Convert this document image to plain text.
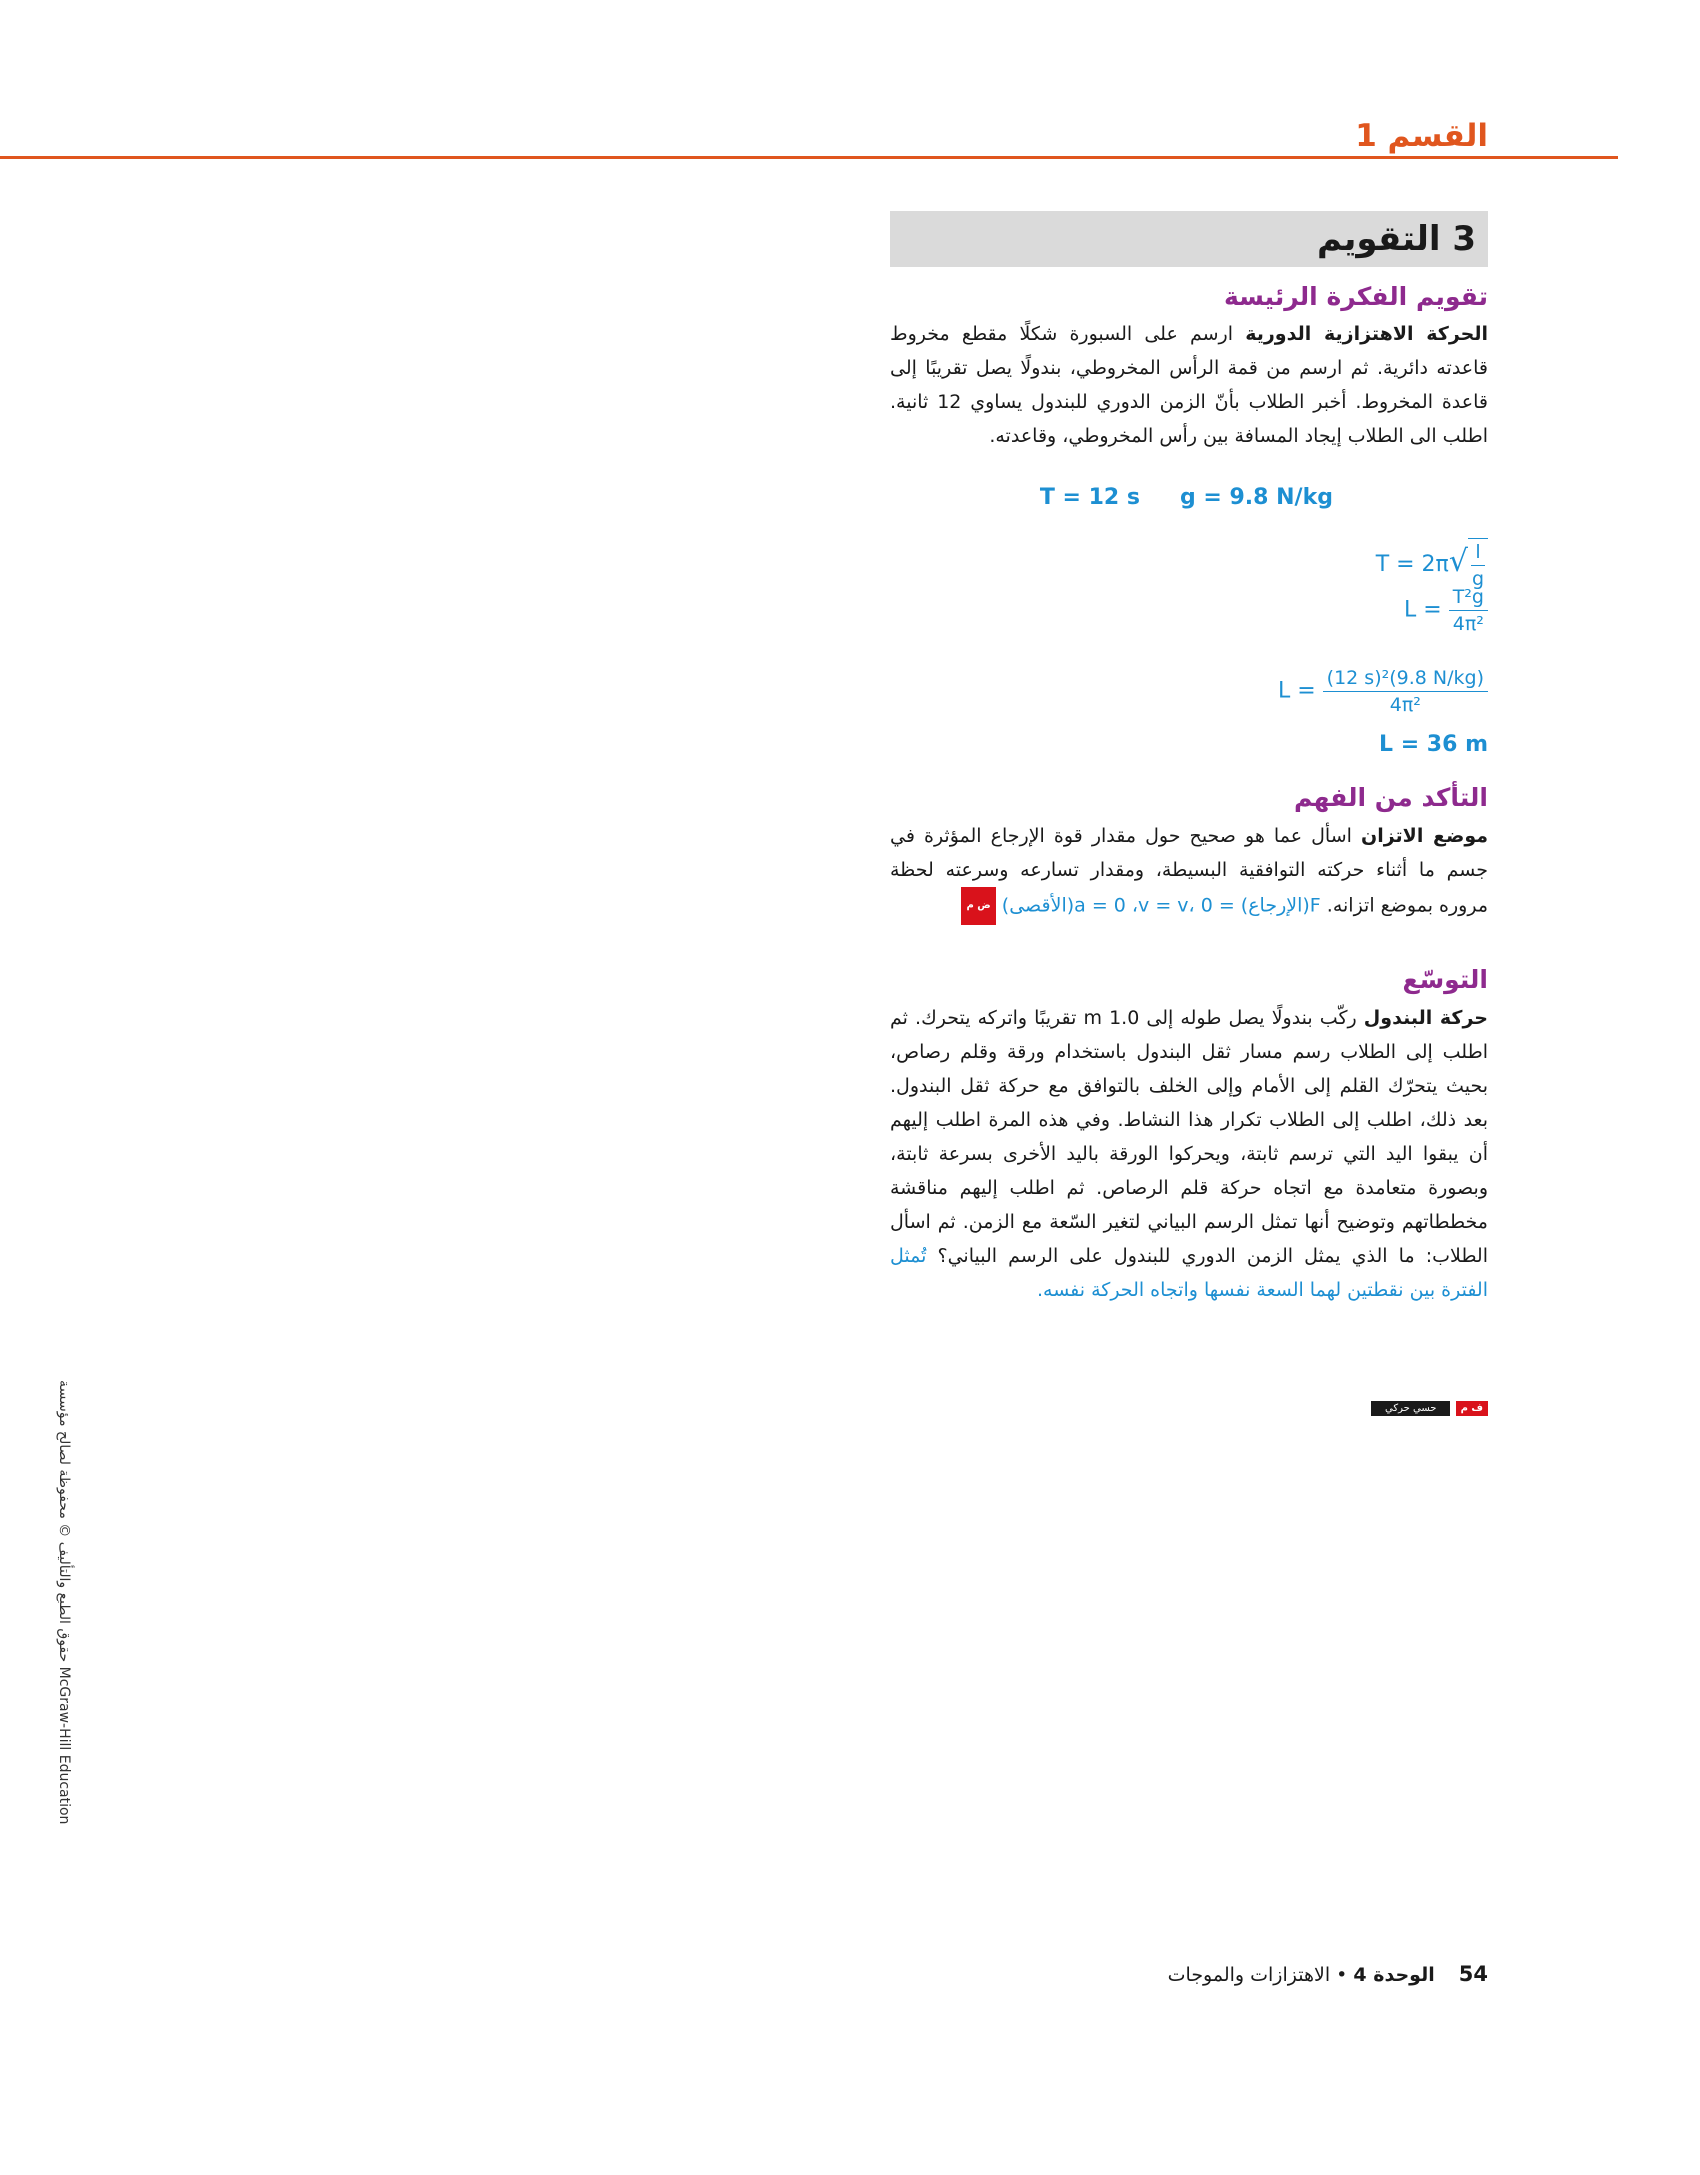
القسم 1
3 التقويم
تقويم الفكرة الرئيسة
الحركة الاهتزازية الدورية ارسم على السبورة شكلًا مقطع مخروط قاعدته دائرية. ثم ارسم من قمة الرأس المخروطي، بندولًا يصل تقريبًا إلى قاعدة المخروط. أخبر الطلاب بأنّ الزمن الدوري للبندول يساوي 12 ثانية. اطلب الى الطلاب إيجاد المسافة بين رأس المخروطي، وقاعدته.
g = 9.8 N/kg
T = 12 s
$T = 2\pi√ \frac{l}{g}$
$L = \frac{\text{T²g}}{\text{4π²}}$
$L = \frac{\text{(12 s)²(9.8 N/kg)}}{\text{4π²}}$
L = 36 m
التأكد من الفهم
موضع الاتزان اسأل عما هو صحيح حول مقدار قوة الإرجاع المؤثرة في جسم ما أثناء حركته التوافقية البسيطة، ومقدار تسارعه وسرعته لحظة مروره بموضع اتزانه. F(الإرجاع) = 0 ،a = 0 ،v = v(الأقصى) ض م
التوسّع
حركة البندول ركّب بندولًا يصل طوله إلى 1.0 m تقريبًا واتركه يتحرك. ثم اطلب إلى الطلاب رسم مسار ثقل البندول باستخدام ورقة وقلم رصاص، بحيث يتحرّك القلم إلى الأمام وإلى الخلف بالتوافق مع حركة ثقل البندول. بعد ذلك، اطلب إلى الطلاب تكرار هذا النشاط. وفي هذه المرة اطلب إليهم أن يبقوا اليد التي ترسم ثابتة، ويحركوا الورقة باليد الأخرى بسرعة ثابتة، وبصورة متعامدة مع اتجاه حركة قلم الرصاص. ثم اطلب إليهم مناقشة مخططاتهم وتوضيح أنها تمثل الرسم البياني لتغير السّعة مع الزمن. ثم اسأل الطلاب: ما الذي يمثل الزمن الدوري للبندول على الرسم البياني؟ تُمثل الفترة بين نقطتين لهما السعة نفسها واتجاه الحركة نفسه.
ف م حسي حركي
54 الوحدة 4 • الاهتزازات والموجات
حقوق الطبع والتأليف © محفوظة لصالح مؤسسة McGraw-Hill Education
